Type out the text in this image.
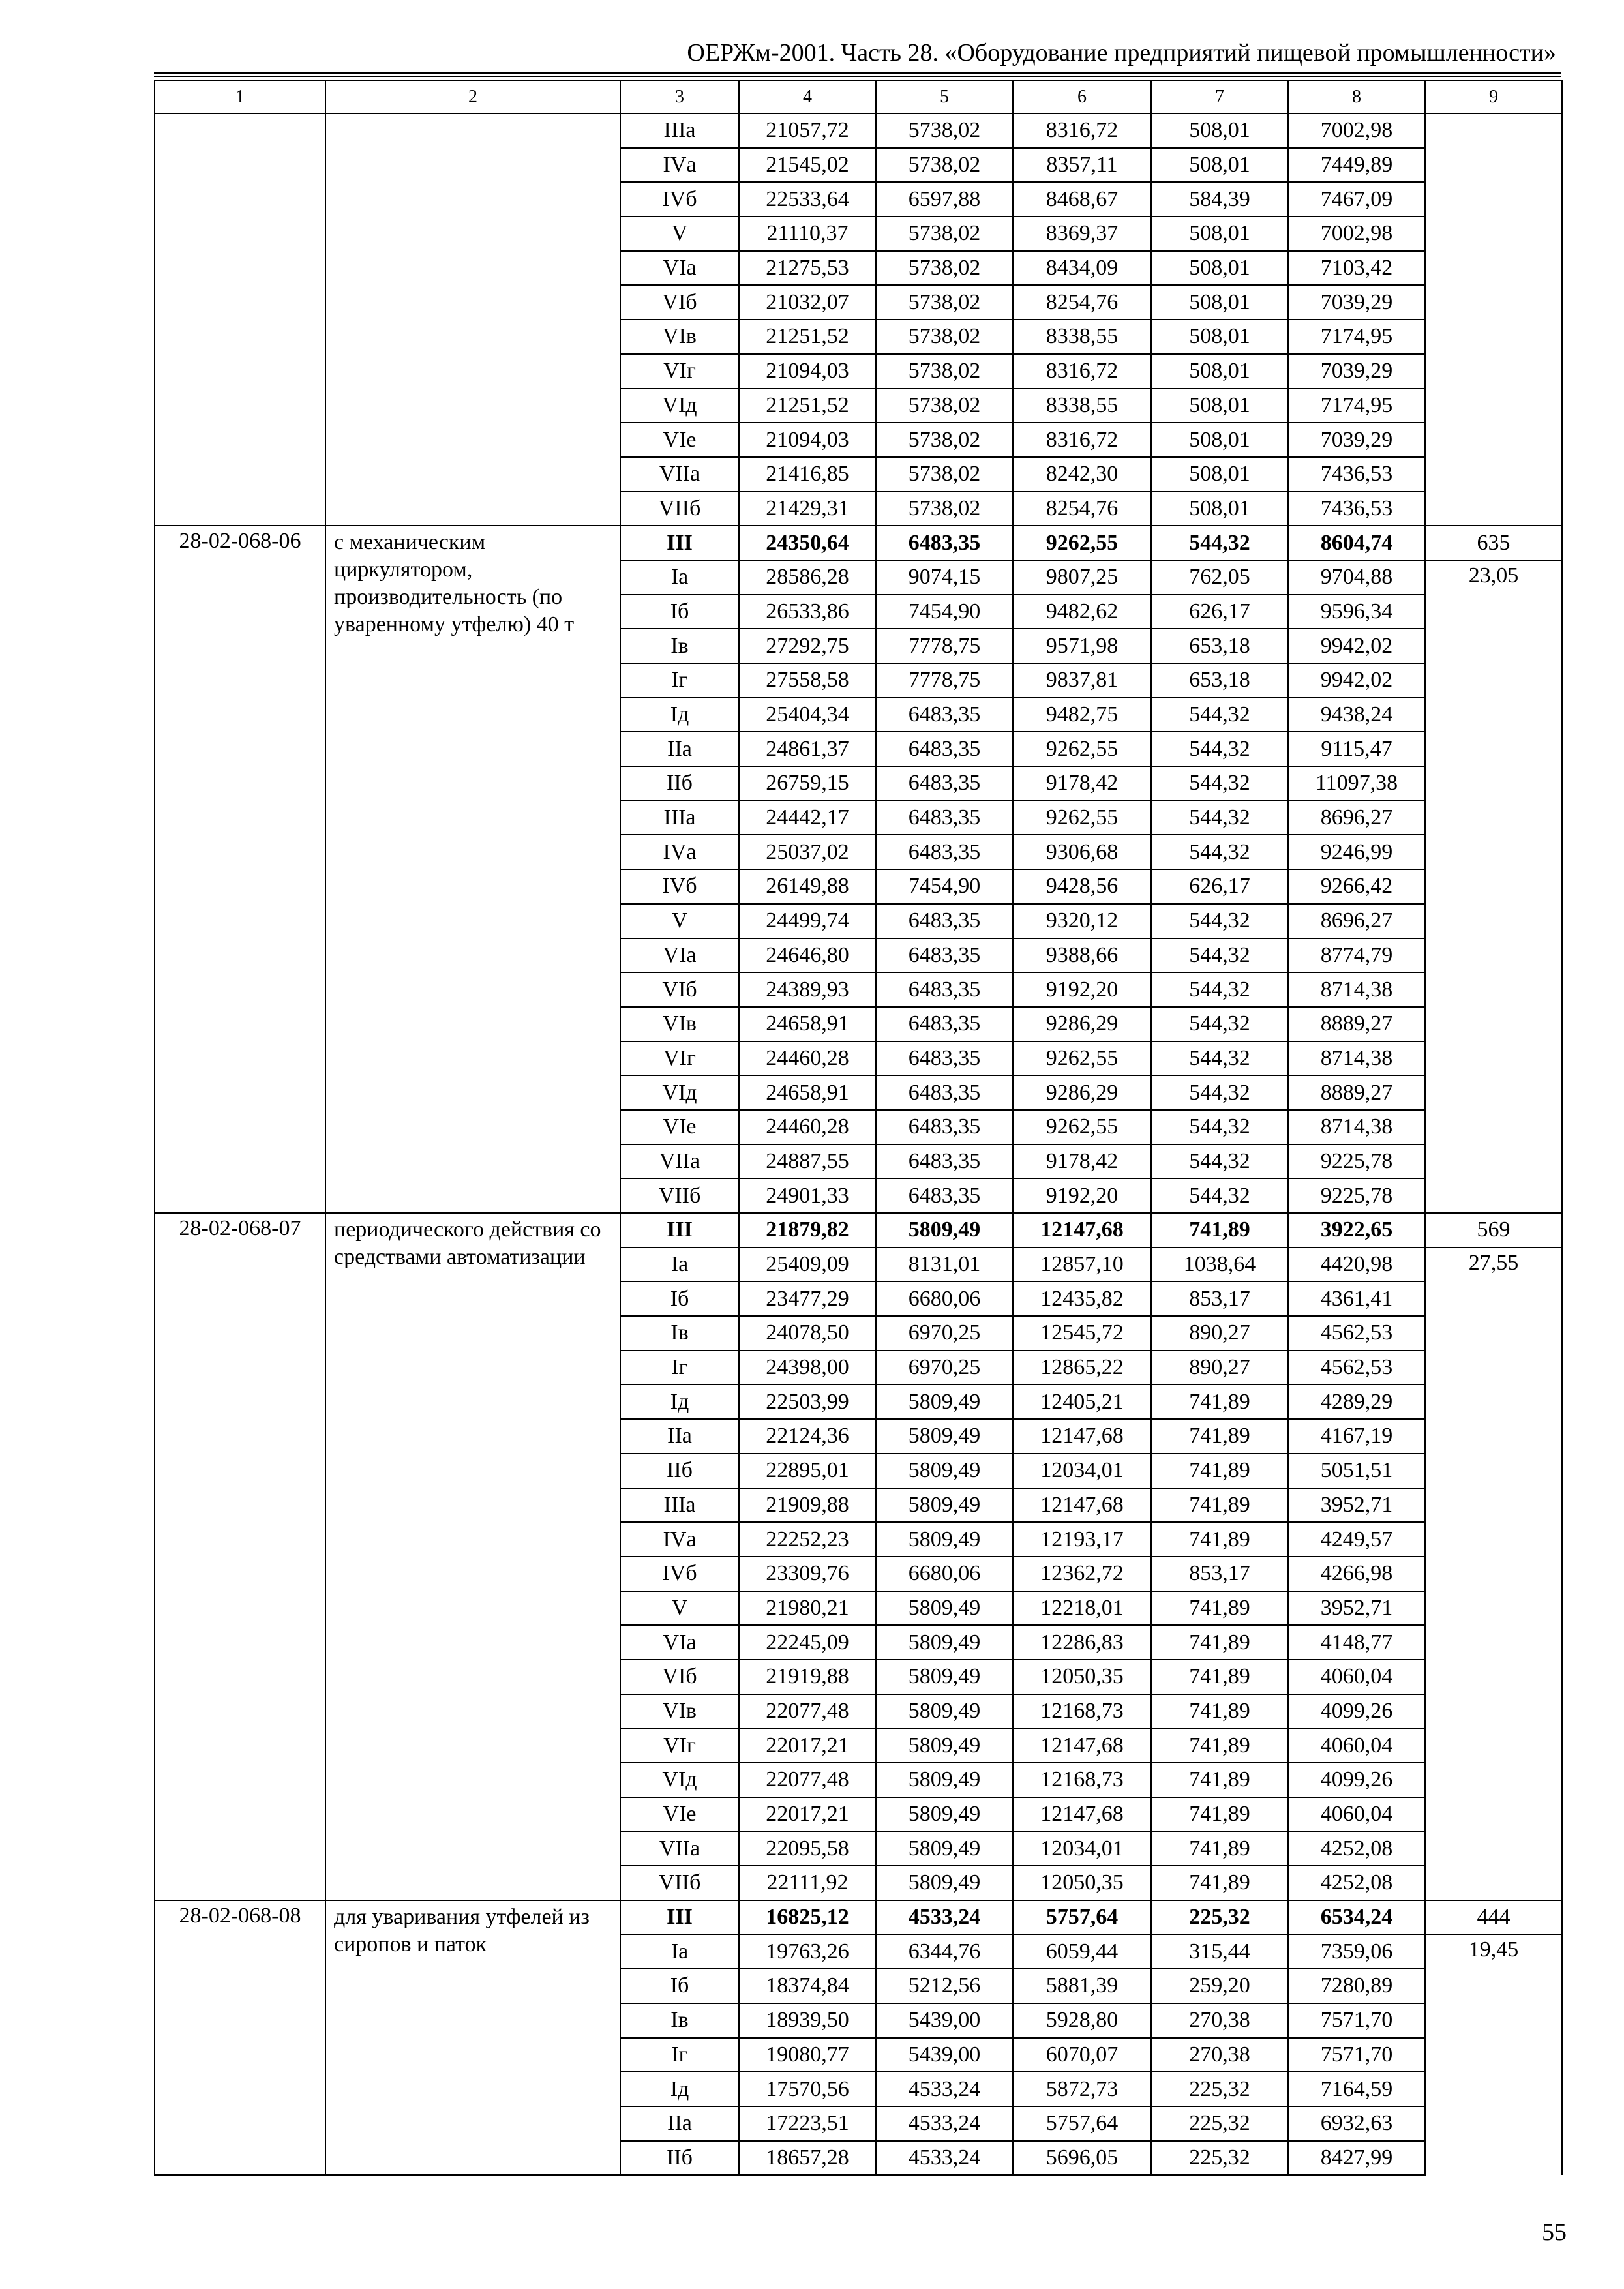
ОЕРЖм-2001. Часть 28. «Оборудование предприятий пищевой промышленности»
1	2	3	4	5	6	7	8	9
		IIIа	21057,72	5738,02	8316,72	508,01	7002,98	
		IVа	21545,02	5738,02	8357,11	508,01	7449,89	
		IVб	22533,64	6597,88	8468,67	584,39	7467,09	
		V	21110,37	5738,02	8369,37	508,01	7002,98	
		VIа	21275,53	5738,02	8434,09	508,01	7103,42	
		VIб	21032,07	5738,02	8254,76	508,01	7039,29	
		VIв	21251,52	5738,02	8338,55	508,01	7174,95	
		VIг	21094,03	5738,02	8316,72	508,01	7039,29	
		VIд	21251,52	5738,02	8338,55	508,01	7174,95	
		VIе	21094,03	5738,02	8316,72	508,01	7039,29	
		VIIа	21416,85	5738,02	8242,30	508,01	7436,53	
		VIIб	21429,31	5738,02	8254,76	508,01	7436,53	
28-02-068-06	с механическим циркулятором, производительность (по уваренному утфелю) 40 т	III	24350,64	6483,35	9262,55	544,32	8604,74	635
		Iа	28586,28	9074,15	9807,25	762,05	9704,88	23,05
		Iб	26533,86	7454,90	9482,62	626,17	9596,34	
		Iв	27292,75	7778,75	9571,98	653,18	9942,02	
		Iг	27558,58	7778,75	9837,81	653,18	9942,02	
		Iд	25404,34	6483,35	9482,75	544,32	9438,24	
		IIа	24861,37	6483,35	9262,55	544,32	9115,47	
		IIб	26759,15	6483,35	9178,42	544,32	11097,38	
		IIIа	24442,17	6483,35	9262,55	544,32	8696,27	
		IVа	25037,02	6483,35	9306,68	544,32	9246,99	
		IVб	26149,88	7454,90	9428,56	626,17	9266,42	
		V	24499,74	6483,35	9320,12	544,32	8696,27	
		VIа	24646,80	6483,35	9388,66	544,32	8774,79	
		VIб	24389,93	6483,35	9192,20	544,32	8714,38	
		VIв	24658,91	6483,35	9286,29	544,32	8889,27	
		VIг	24460,28	6483,35	9262,55	544,32	8714,38	
		VIд	24658,91	6483,35	9286,29	544,32	8889,27	
		VIе	24460,28	6483,35	9262,55	544,32	8714,38	
		VIIа	24887,55	6483,35	9178,42	544,32	9225,78	
		VIIб	24901,33	6483,35	9192,20	544,32	9225,78	
28-02-068-07	периодического действия со средствами автоматизации	III	21879,82	5809,49	12147,68	741,89	3922,65	569
		Iа	25409,09	8131,01	12857,10	1038,64	4420,98	27,55
		Iб	23477,29	6680,06	12435,82	853,17	4361,41	
		Iв	24078,50	6970,25	12545,72	890,27	4562,53	
		Iг	24398,00	6970,25	12865,22	890,27	4562,53	
		Iд	22503,99	5809,49	12405,21	741,89	4289,29	
		IIа	22124,36	5809,49	12147,68	741,89	4167,19	
		IIб	22895,01	5809,49	12034,01	741,89	5051,51	
		IIIа	21909,88	5809,49	12147,68	741,89	3952,71	
		IVа	22252,23	5809,49	12193,17	741,89	4249,57	
		IVб	23309,76	6680,06	12362,72	853,17	4266,98	
		V	21980,21	5809,49	12218,01	741,89	3952,71	
		VIа	22245,09	5809,49	12286,83	741,89	4148,77	
		VIб	21919,88	5809,49	12050,35	741,89	4060,04	
		VIв	22077,48	5809,49	12168,73	741,89	4099,26	
		VIг	22017,21	5809,49	12147,68	741,89	4060,04	
		VIд	22077,48	5809,49	12168,73	741,89	4099,26	
		VIе	22017,21	5809,49	12147,68	741,89	4060,04	
		VIIа	22095,58	5809,49	12034,01	741,89	4252,08	
		VIIб	22111,92	5809,49	12050,35	741,89	4252,08	
28-02-068-08	для уваривания утфелей из сиропов и паток	III	16825,12	4533,24	5757,64	225,32	6534,24	444
		Iа	19763,26	6344,76	6059,44	315,44	7359,06	19,45
		Iб	18374,84	5212,56	5881,39	259,20	7280,89	
		Iв	18939,50	5439,00	5928,80	270,38	7571,70	
		Iг	19080,77	5439,00	6070,07	270,38	7571,70	
		Iд	17570,56	4533,24	5872,73	225,32	7164,59	
		IIа	17223,51	4533,24	5757,64	225,32	6932,63	
		IIб	18657,28	4533,24	5696,05	225,32	8427,99	
55
